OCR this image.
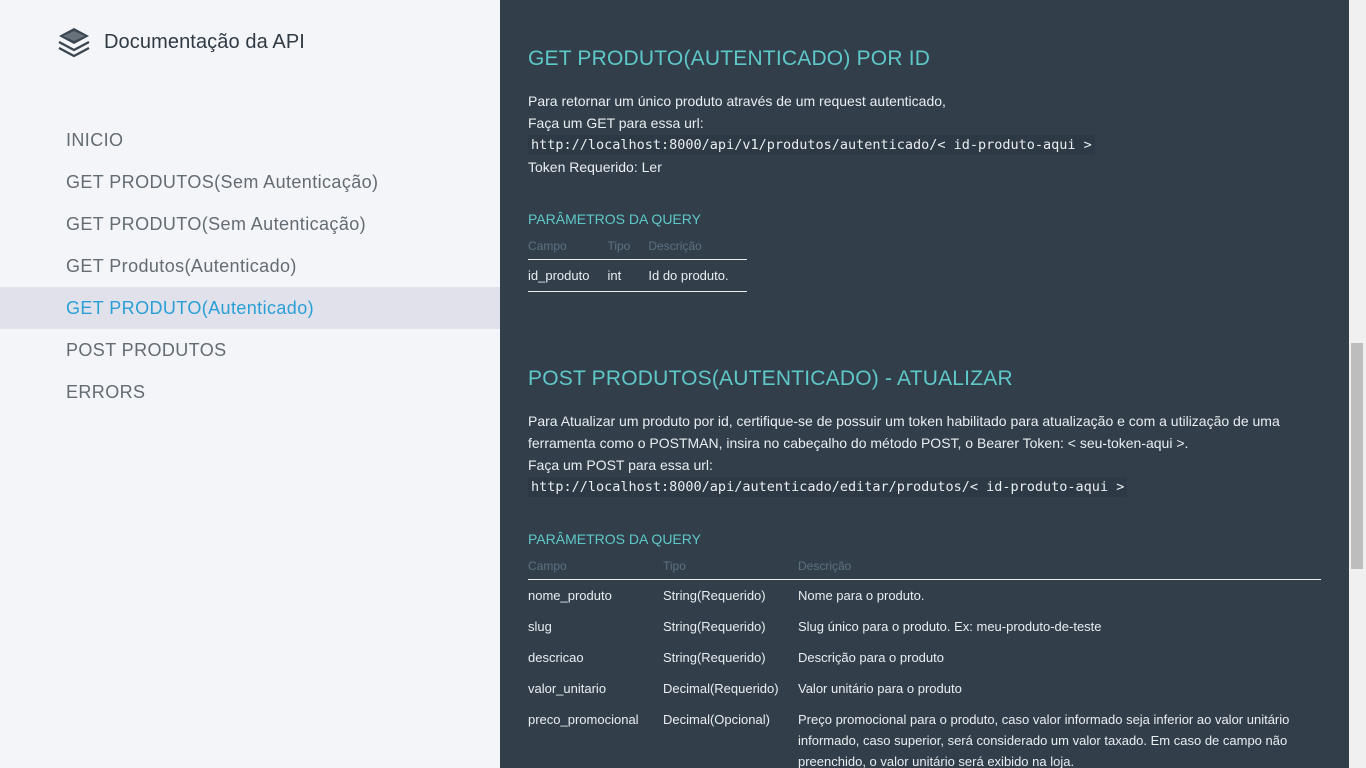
Documentação da API
INICIO
GET PRODUTOS(Sem Autenticação)
GET PRODUTO(Sem Autenticação)
GET Produtos(Autenticado)
GET PRODUTO(Autenticado)
POST PRODUTOS
ERRORS
GET PRODUTO(AUTENTICADO) POR ID

Para retornar um único produto através de um request autenticado,

Faça um GET para essa url:

http://localhost:8000/api/v1/produtos/autenticado/< id-produto-aqui >

Token Requerido: Ler

PARÂMETROS DA QUERY
Campo	Tipo	Descrição
id_produto	int	Id do produto.
POST PRODUTOS(AUTENTICADO) - ATUALIZAR

Para Atualizar um produto por id, certifique-se de possuir um token habilitado para atualização e com a utilização de uma ferramenta como o POSTMAN, insira no cabeçalho do método POST, o Bearer Token: < seu-token-aqui >.

Faça um POST para essa url:

http://localhost:8000/api/autenticado/editar/produtos/< id-produto-aqui >
PARÂMETROS DA QUERY
Campo	Tipo	Descrição
nome_produto	String(Requerido)	Nome para o produto.
slug	String(Requerido)	Slug único para o produto. Ex: meu-produto-de-teste
descricao	String(Requerido)	Descrição para o produto
valor_unitario	Decimal(Requerido)	Valor unitário para o produto
preco_promocional	Decimal(Opcional)	Preço promocional para o produto, caso valor informado seja inferior ao valor unitário informado, caso superior, será considerado um valor taxado. Em caso de campo não preenchido, o valor unitário será exibido na loja.
